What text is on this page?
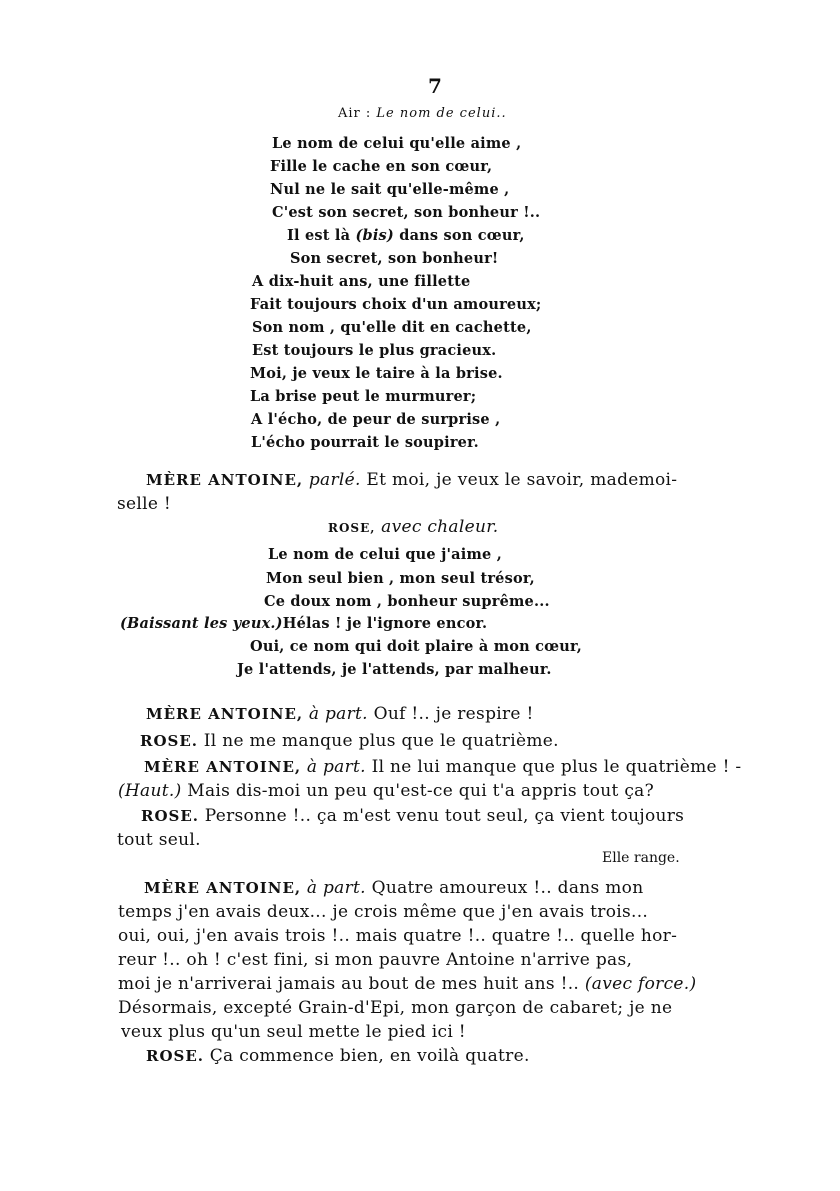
7
Air : Le nom de celui..
Le nom de celui qu'elle aime ,
Fille le cache en son cœur,
Nul ne le sait qu'elle-même ,
C'est son secret, son bonheur !..
Il est là (bis) dans son cœur,
Son secret, son bonheur!
A dix-huit ans, une fillette
Fait toujours choix d'un amoureux;
Son nom , qu'elle dit en cachette,
Est toujours le plus gracieux.
Moi, je veux le taire à la brise.
La brise peut le murmurer;
A l'écho, de peur de surprise ,
L'écho pourrait le soupirer.
MÈRE ANTOINE, parlé. Et moi, je veux le savoir, mademoi-
selle !
ROSE, avec chaleur.
Le nom de celui que j'aime ,
Mon seul bien , mon seul trésor,
Ce doux nom , bonheur suprême...
(Baissant les yeux.)Hélas ! je l'ignore encor.
Oui, ce nom qui doit plaire à mon cœur,
Je l'attends, je l'attends, par malheur.
MÈRE ANTOINE, à part. Ouf !.. je respire !
ROSE. Il ne me manque plus que le quatrième.
MÈRE ANTOINE, à part. Il ne lui manque que plus le quatrième ! -
(Haut.) Mais dis-moi un peu qu'est-ce qui t'a appris tout ça?
ROSE. Personne !.. ça m'est venu tout seul, ça vient toujours
tout seul.
Elle range.
MÈRE ANTOINE, à part. Quatre amoureux !.. dans mon
temps j'en avais deux... je crois même que j'en avais trois...
oui, oui, j'en avais trois !.. mais quatre !.. quatre !.. quelle hor-
reur !.. oh ! c'est fini, si mon pauvre Antoine n'arrive pas,
moi je n'arriverai jamais au bout de mes huit ans !.. (avec force.)
Désormais, excepté Grain-d'Epi, mon garçon de cabaret; je ne
veux plus qu'un seul mette le pied ici !
ROSE. Ça commence bien, en voilà quatre.
